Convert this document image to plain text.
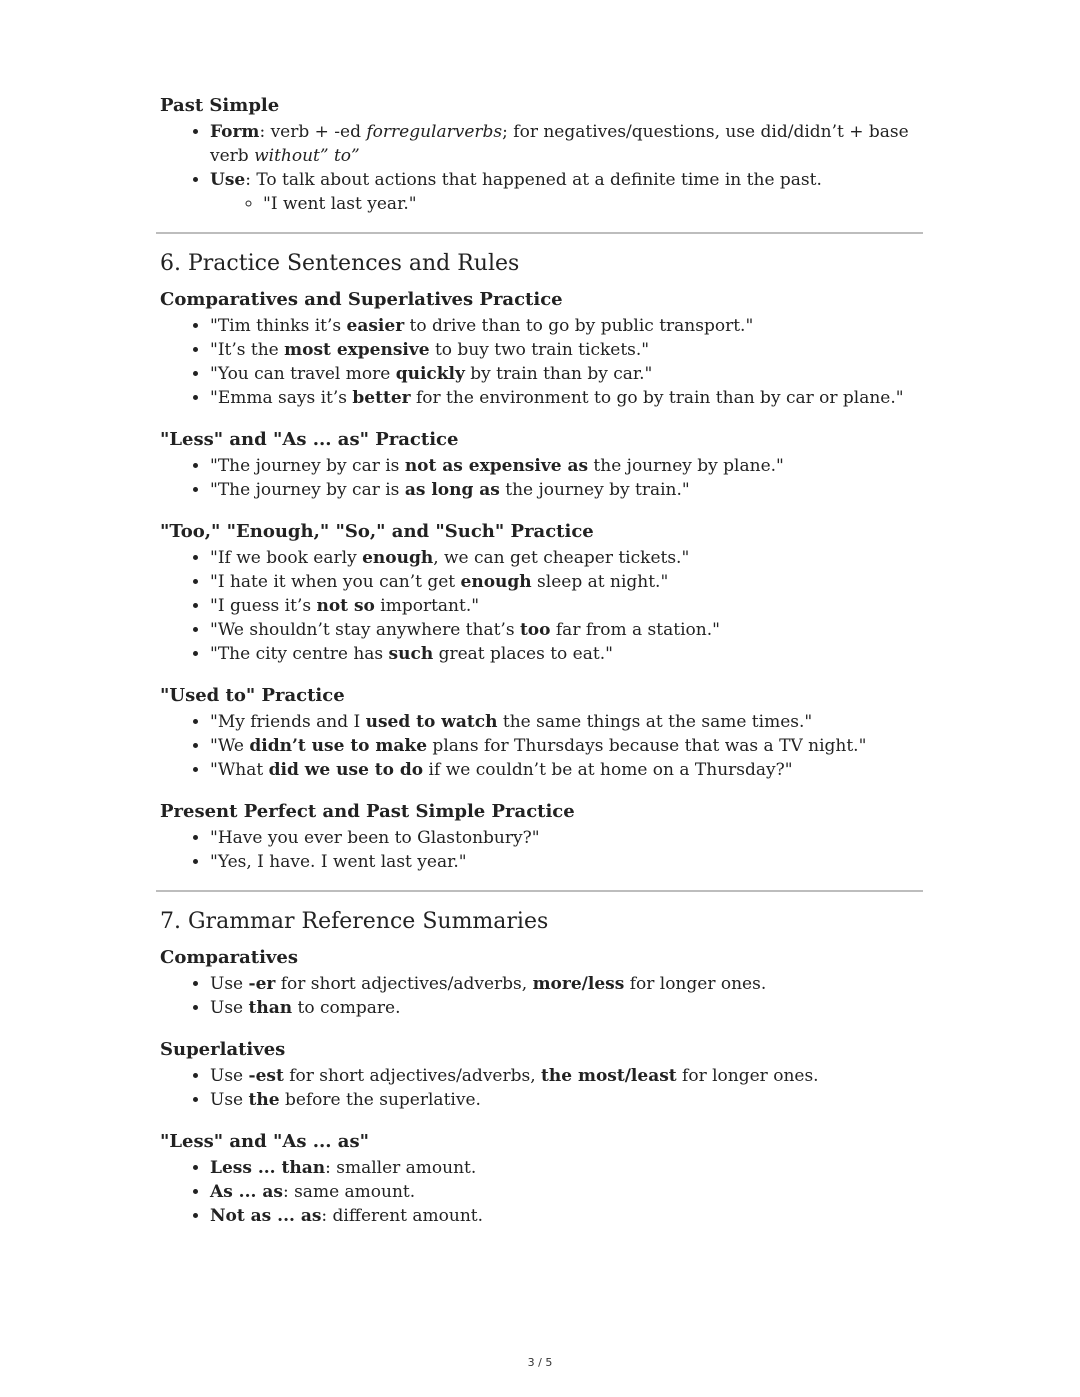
Past Simple
• Form: verb + -ed forregularverbs; for negatives/questions, use did/didn’t + base verb without” to”
• Use: To talk about actions that happened at a definite time in the past.
◦ "I went last year."
6. Practice Sentences and Rules
Comparatives and Superlatives Practice
• "Tim thinks it’s easier to drive than to go by public transport."
• "It’s the most expensive to buy two train tickets."
• "You can travel more quickly by train than by car."
• "Emma says it’s better for the environment to go by train than by car or plane."
"Less" and "As ... as" Practice
• "The journey by car is not as expensive as the journey by plane."
• "The journey by car is as long as the journey by train."
"Too," "Enough," "So," and "Such" Practice
• "If we book early enough, we can get cheaper tickets."
• "I hate it when you can’t get enough sleep at night."
• "I guess it’s not so important."
• "We shouldn’t stay anywhere that’s too far from a station."
• "The city centre has such great places to eat."
"Used to" Practice
• "My friends and I used to watch the same things at the same times."
• "We didn’t use to make plans for Thursdays because that was a TV night."
• "What did we use to do if we couldn’t be at home on a Thursday?"
Present Perfect and Past Simple Practice
• "Have you ever been to Glastonbury?"
• "Yes, I have. I went last year."
7. Grammar Reference Summaries
Comparatives
• Use -er for short adjectives/adverbs, more/less for longer ones.
• Use than to compare.
Superlatives
• Use -est for short adjectives/adverbs, the most/least for longer ones.
• Use the before the superlative.
"Less" and "As ... as"
• Less ... than: smaller amount.
• As ... as: same amount.
• Not as ... as: different amount.
3 / 5
